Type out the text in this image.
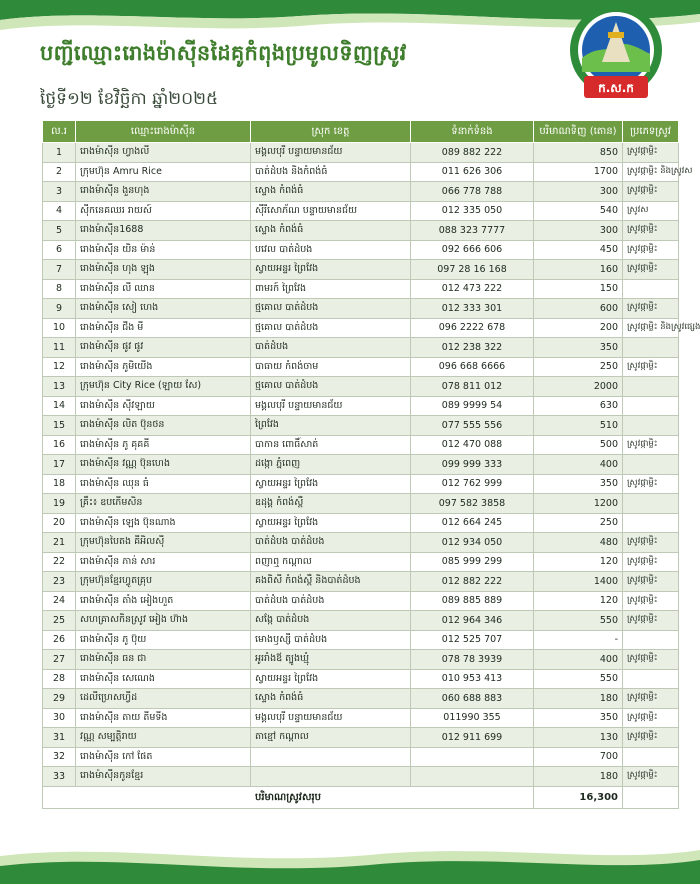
បញ្ជីឈ្មោះរោងម៉ាស៊ីនដៃគូកំពុងប្រមូលទិញស្រូវ
ថ្ងៃទី១២ ខែវិច្ឆិកា ឆ្នាំ២០២៥
ក.ស.ក
ល.រ	ឈ្មោះរោងម៉ាស៊ីន	ស្រុក ខេត្ត	ទំនាក់ទំនង	បរិមាណទិញ (តោន)	ប្រភេទស្រូវ
1	រោងម៉ាស៊ីន ហ្វាងលី	មង្គលបុរី បន្ទាយមានជ័យ	089 882 222	850	ស្រូវផ្កាម្លិះ
2	ក្រុមហ៊ុន Amru Rice	បាត់ដំបង និងកំពង់ធំ	011 626 306	1700	ស្រូវផ្កាម្លិះ និងស្រូវស
3	រោងម៉ាស៊ីន ងួនហុង	ស្ទោង កំពង់ធំ	066 778 788	300	ស្រូវផ្កាម្លិះ
4	ស៊ីកនេគឈរ រាយស៍	ស៊ីរីសោភ័ណ បន្ទាយមានជ័យ	012 335 050	540	ស្រូវស
5	រោងម៉ាស៊ីន1688	ស្ទោង កំពង់ធំ	088 323 7777	300	ស្រូវផ្កាម្លិះ
6	រោងម៉ាស៊ីន យិន ម៉ាន់	បវេល បាត់ដំបង	092 666 606	450	ស្រូវផ្កាម្លិះ
7	រោងម៉ាស៊ីន ហុង ឡុង	ស្វាយអន្ទរ ព្រៃវែង	097 28 16 168	160	ស្រូវផ្កាម្លិះ
8	រោងម៉ាស៊ីន លី ឈាន	ពាមរក៍ ព្រៃវែង	012 473 222	150	
9	រោងម៉ាស៊ីន សៀ ហេង	ថ្មគោល បាត់ដំបង	012 333 301	600	ស្រូវផ្កាម្លិះ
10	រោងម៉ាស៊ីន ជីង មី	ថ្មគោល បាត់ដំបង	096 2222 678	200	ស្រូវផ្កាម្លិះ និងស្រូវផ្សេង
11	រោងម៉ាស៊ីន ផូវ ផូវ	បាត់ដំបង	012 238 322	350	
12	រោងម៉ាស៊ីន ភូមិយើង	បាធាយ កំពង់ចាម	096 668 6666	250	ស្រូវផ្កាម្លិះ
13	ក្រុមហ៊ុន City Rice (ឡាយ សែ)	ថ្មគោល បាត់ដំបង	078 811 012	2000	
14	រោងម៉ាស៊ីន ស៊ីវឡាយ	មង្គលបុរី បន្ទាយមានជ័យ	089 9999 54	630	
15	រោងម៉ាស៊ីន លិត ប៊ុនថន	ព្រៃវែង	077 555 556	510	
16	រោងម៉ាស៊ីន ភូ គុគគី	បាកាន ពោធិ៍សាត់	012 470 088	500	ស្រូវផ្កាម្លិះ
17	រោងម៉ាស៊ីន វណ្ណ ប៊ុនហេង	ដង្កោ ភ្នំពេញ	099 999 333	400	
18	រោងម៉ាស៊ីន ឈុន ធំ	ស្វាយអន្ទរ ព្រៃវែង	012 762 999	350	ស្រូវផ្កាម្លិះ
19	គ្រឹះ៖ ឧបភើមសិន	ឧដុង្គ កំពង់ស្ពឺ	097 582 3858	1200	
20	រោងម៉ាស៊ីន ឡេង ប៊ុនណាង	ស្វាយអន្ទរ ព្រៃវែង	012 664 245	250	
21	ក្រុមហ៊ុនបៃតង គីអិលស៊ី	បាត់ដំបង បាត់ដំបង	012 934 050	480	ស្រូវផ្កាម្លិះ
22	រោងម៉ាស៊ីន ភាន់ សារ	ពញាឮ កណ្ដាល	085 999 299	120	ស្រូវផ្កាម្លិះ
23	ក្រុមហ៊ុនខ្មែរហ្វូតគ្រុប	គងពិសី កំពង់ស្ពឺ និងបាត់ដំបង	012 882 222	1400	ស្រូវផ្កាម្លិះ
24	រោងម៉ាស៊ីន តាំង អៀងហួត	បាត់ដំបង បាត់ដំបង	089 885 889	120	ស្រូវផ្កាម្លិះ
25	សហគ្រាសកិនស្រូវ អៀង ហ៊ាង	សង្កែ បាត់ដំបង	012 964 346	550	ស្រូវផ្កាម្លិះ
26	រោងម៉ាស៊ីន ភូ ប៊ុយ	មោងឫស្សី បាត់ដំបង	012 525 707	-	
27	រោងម៉ាស៊ីន ធន ជា	អូររាំងឪ ត្បូងឃ្មុំ	078 78 3939	400	ស្រូវផ្កាម្លិះ
28	រោងម៉ាស៊ីន សេណេង	ស្វាយអន្ទរ ព្រៃវែង	010 953 413	550	
29	ដេលីហ្រេសហ្វីដ	ស្ទោង កំពង់ធំ	060 688 883	180	ស្រូវផ្កាម្លិះ
30	រោងម៉ាស៊ីន តាយ តីមទីង	មង្គលបុរី បន្ទាយមានជ័យ	011990 355	350	ស្រូវផ្កាម្លិះ
31	វណ្ណ សម្បត្តិរាយ	តាខ្មៅ កណ្ដាល	012 911 699	130	ស្រូវផ្កាម្លិះ
32	រោងម៉ាស៊ីន កៅ ផែត			700	
33	រោងម៉ាស៊ីនកូនខ្មែរ			180	ស្រូវផ្កាម្លិះ
បរិមាណស្រូវសរុប				16,300	
